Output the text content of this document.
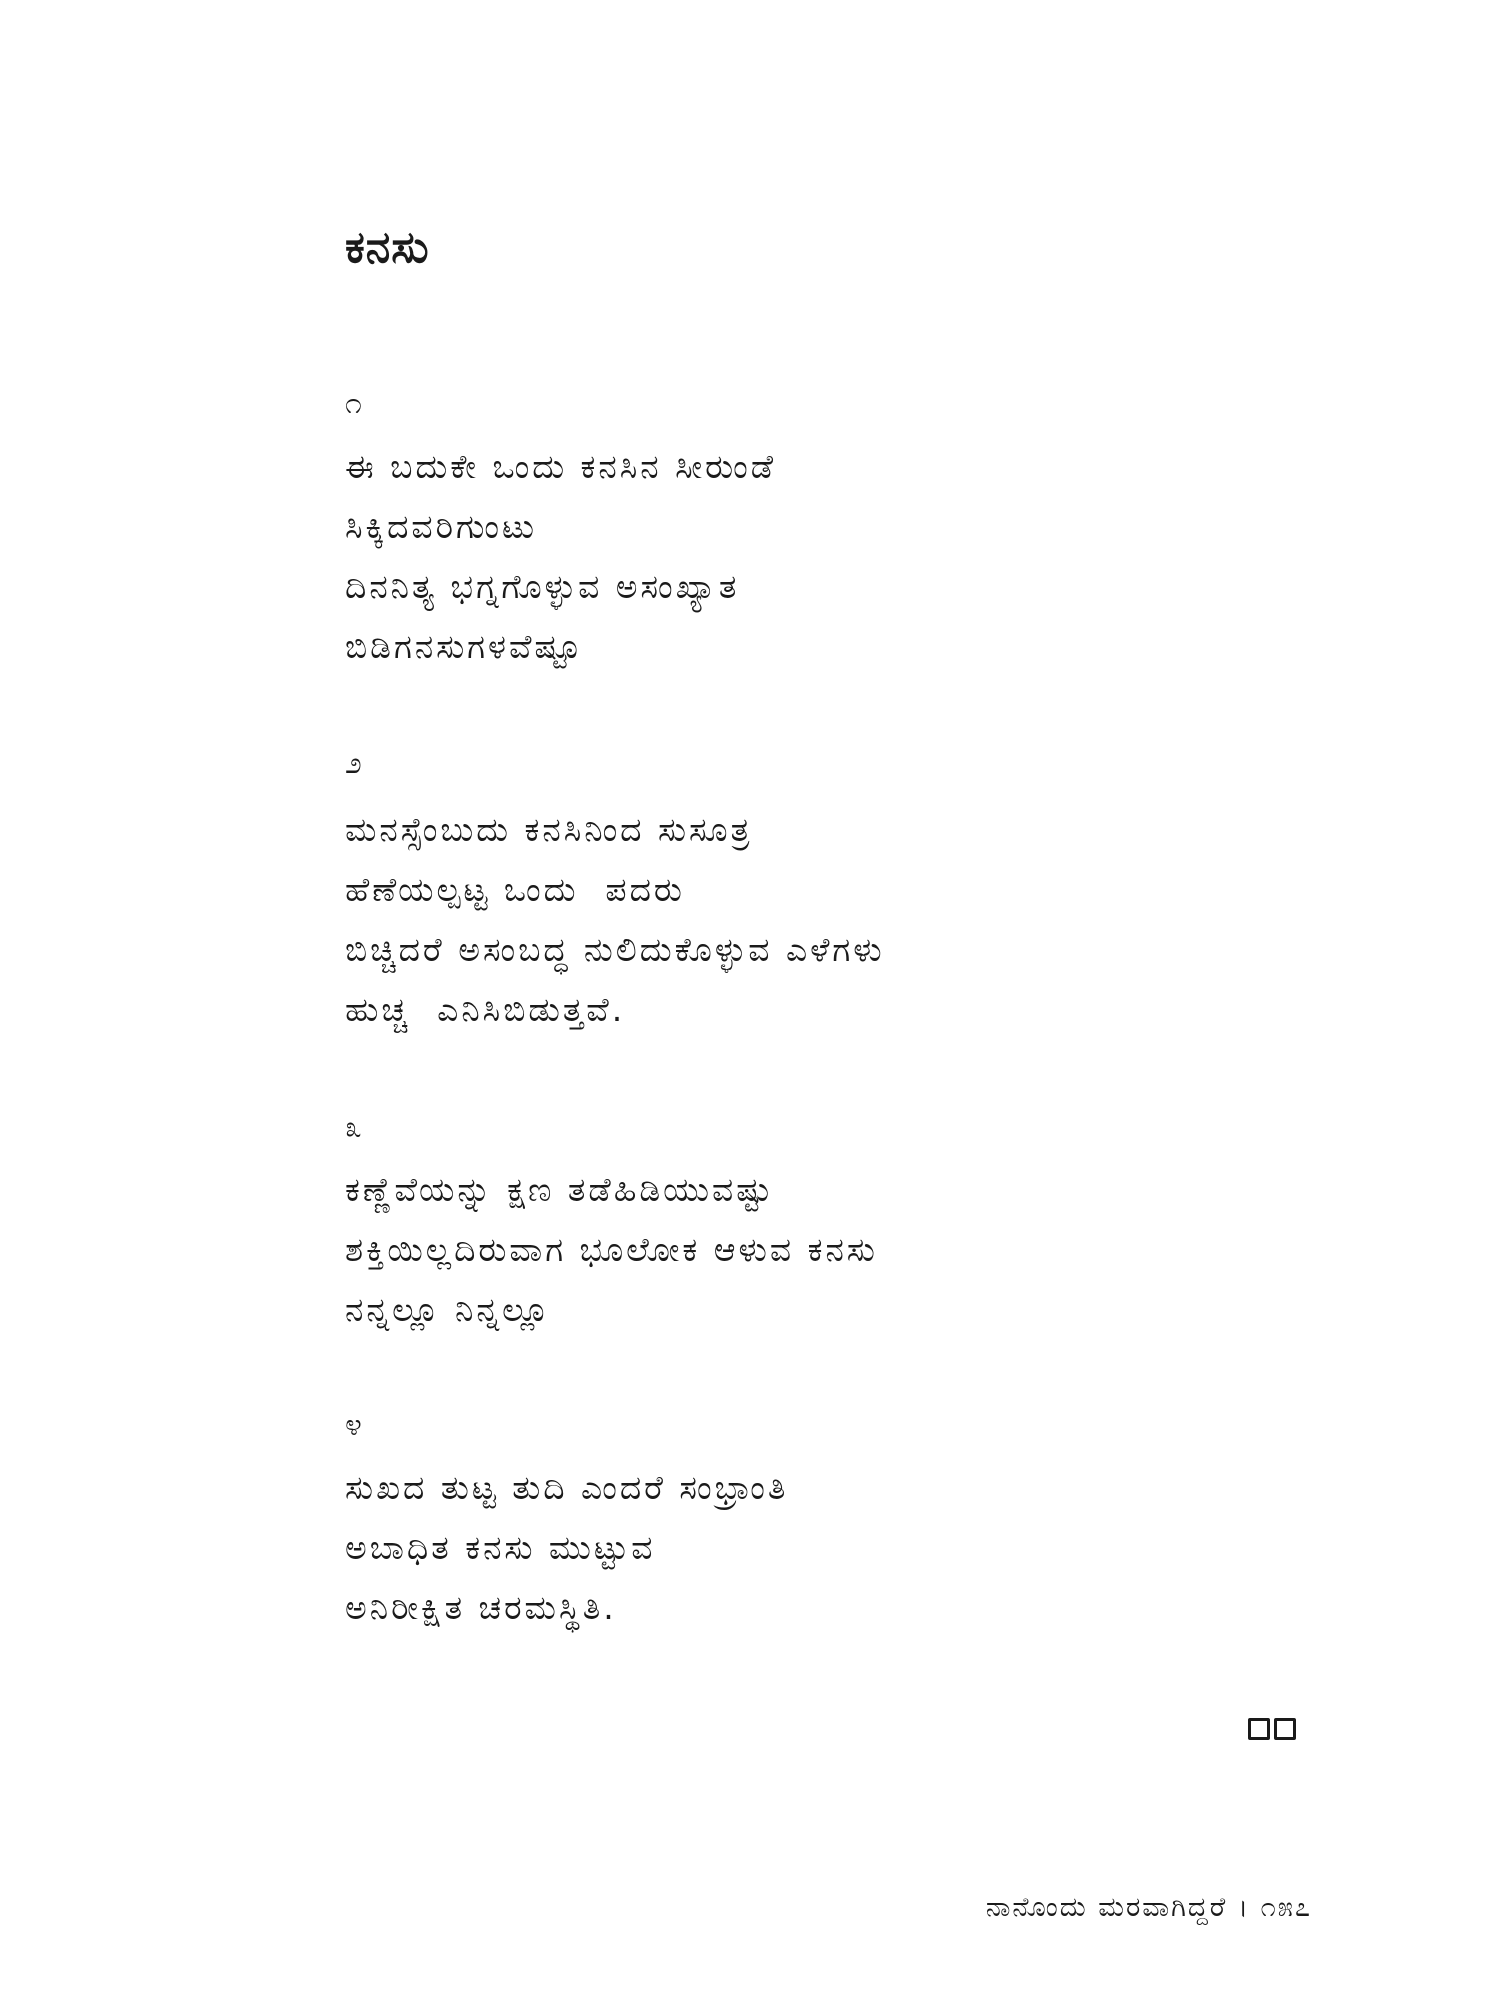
ಕನಸು
೧
ಈ ಬದುಕೇ ಒಂದು ಕನಸಿನ ಸೀರುಂಡೆ
ಸಿಕ್ಕಿದವರಿಗುಂಟು
ದಿನನಿತ್ಯ ಭಗ್ನಗೊಳ್ಳುವ ಅಸಂಖ್ಯಾತ
ಬಿಡಿಗನಸುಗಳವೆಷ್ಟೂ
೨
ಮನಸ್ಸೆಂಬುದು ಕನಸಿನಿಂದ ಸುಸೂತ್ರ
ಹೆಣೆಯಲ್ಪಟ್ಟ ಒಂದು  ಪದರು
ಬಿಚ್ಚಿದರೆ ಅಸಂಬದ್ಧ ನುಲಿದುಕೊಳ್ಳುವ ಎಳೆಗಳು
ಹುಚ್ಚ  ಎನಿಸಿಬಿಡುತ್ತವೆ.
೩
ಕಣ್ಣೆವೆಯನ್ನು ಕ್ಷಣ ತಡೆಹಿಡಿಯುವಷ್ಟು
ಶಕ್ತಿಯಿಲ್ಲದಿರುವಾಗ ಭೂಲೋಕ ಆಳುವ ಕನಸು
ನನ್ನಲ್ಲೂ ನಿನ್ನಲ್ಲೂ
೪
ಸುಖದ ತುಟ್ಟ ತುದಿ ಎಂದರೆ ಸಂಭ್ರಾಂತಿ
ಅಬಾಧಿತ ಕನಸು ಮುಟ್ಟುವ
ಅನಿರೀಕ್ಷಿತ ಚರಮಸ್ಥಿತಿ.
ನಾನೊಂದು ಮರವಾಗಿದ್ದರೆ । ೧೫೭
